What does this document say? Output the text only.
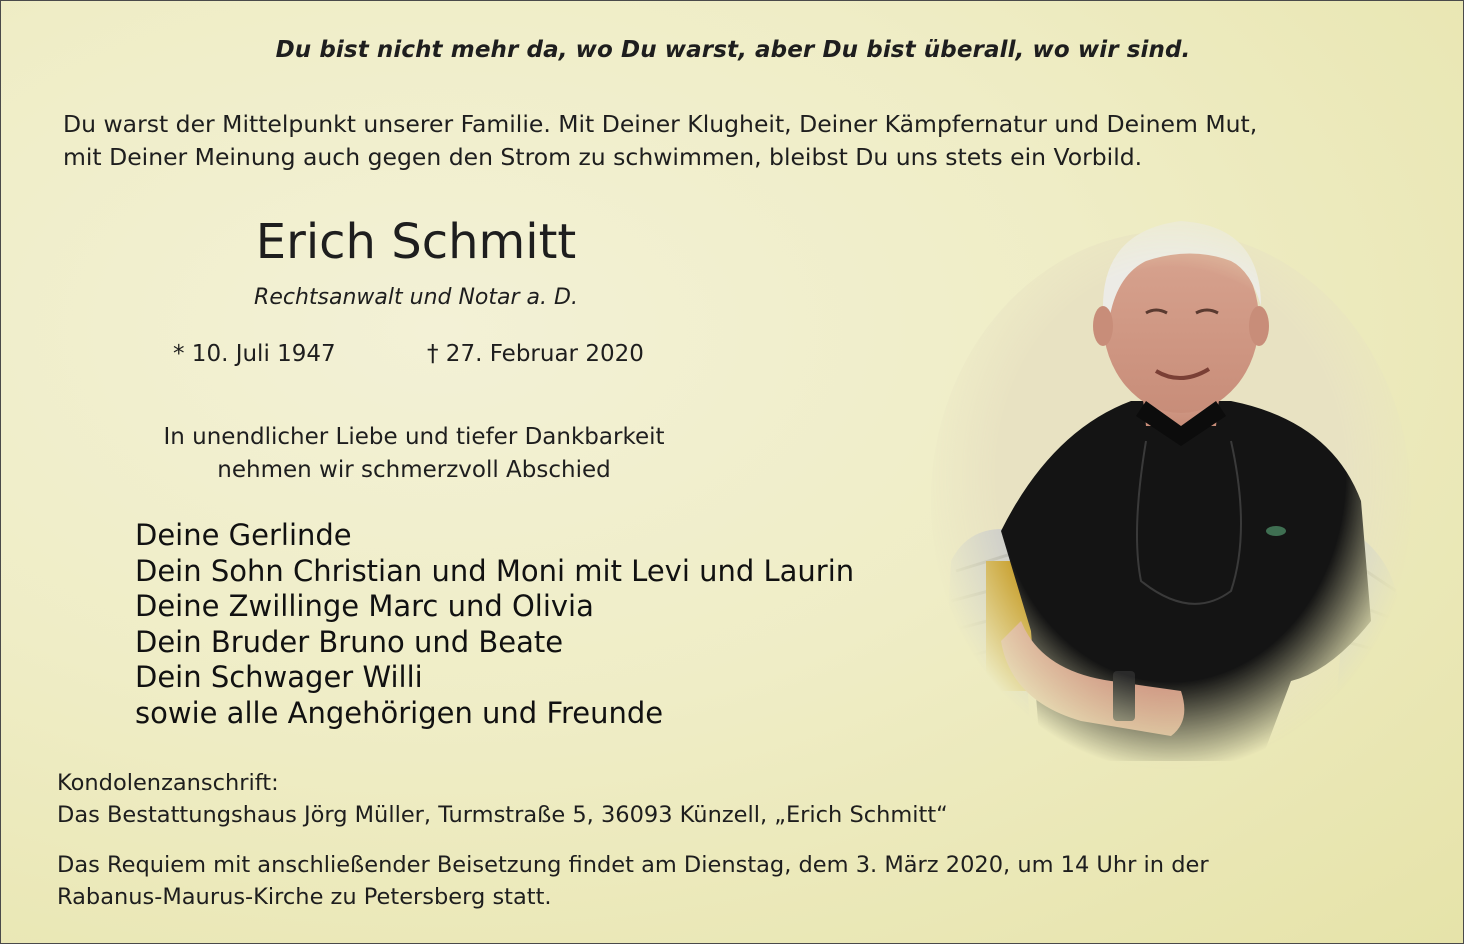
Du bist nicht mehr da, wo Du warst, aber Du bist überall, wo wir sind.

Du warst der Mittelpunkt unserer Familie. Mit Deiner Klugheit, Deiner Kämpfernatur und Deinem Mut,
mit Deiner Meinung auch gegen den Strom zu schwimmen, bleibst Du uns stets ein Vorbild.
Erich Schmitt
Rechtsanwalt und Notar a. D.
* 10. Juli 1947	† 27. Februar 2020
In unendlicher Liebe und tiefer Dankbarkeit
nehmen wir schmerzvoll Abschied
Deine Gerlinde
Dein Sohn Christian und Moni mit Levi und Laurin
Deine Zwillinge Marc und Olivia
Dein Bruder Bruno und Beate
Dein Schwager Willi
sowie alle Angehörigen und Freunde
Kondolenzanschrift:
Das Bestattungshaus Jörg Müller, Turmstraße 5, 36093 Künzell, „Erich Schmitt“
Das Requiem mit anschließender Beisetzung findet am Dienstag, dem 3. März 2020, um 14 Uhr in der
Rabanus-Maurus-Kirche zu Petersberg statt.
